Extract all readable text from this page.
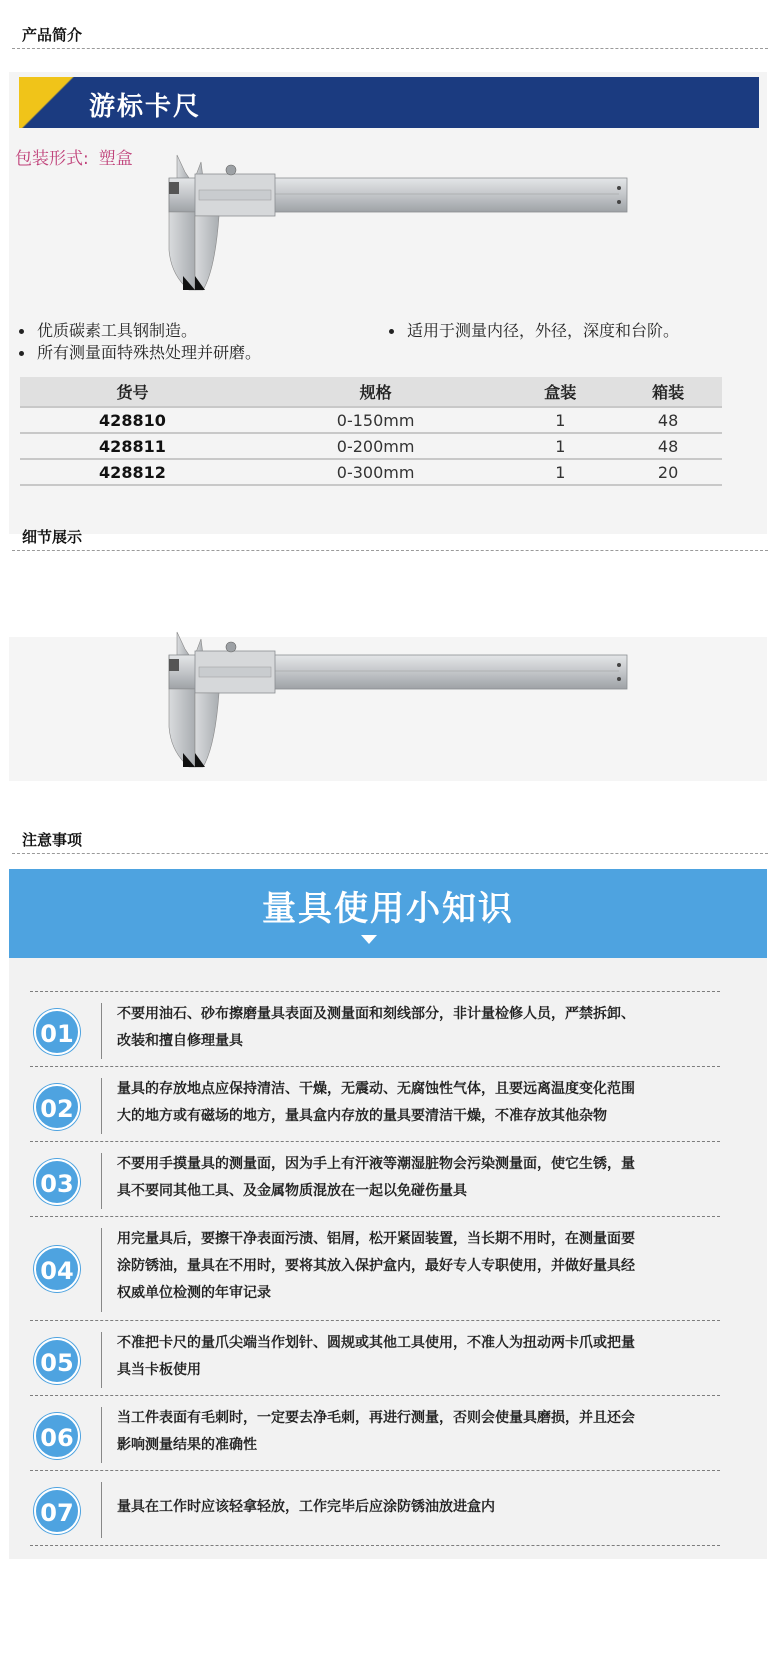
产品简介
游标卡尺
包装形式: 塑盒
优质碳素工具钢制造。
所有测量面特殊热处理并研磨。
适用于测量内径，外径，深度和台阶。
货号	规格	盒装	箱装
428810	0-150mm	1	48
428811	0-200mm	1	48
428812	0-300mm	1	20
细节展示
注意事项
量具使用小知识
01
不要用油石、砂布擦磨量具表面及测量面和刻线部分，非计量检修人员，严禁拆卸、
改装和擅自修理量具
02
量具的存放地点应保持清洁、干燥，无震动、无腐蚀性气体，且要远离温度变化范围
大的地方或有磁场的地方，量具盒内存放的量具要清洁干燥，不准存放其他杂物
03
不要用手摸量具的测量面，因为手上有汗液等潮湿脏物会污染测量面，使它生锈，量
具不要同其他工具、及金属物质混放在一起以免碰伤量具
04
用完量具后，要擦干净表面污渍、铝屑，松开紧固装置，当长期不用时，在测量面要
涂防锈油，量具在不用时，要将其放入保护盒内，最好专人专职使用，并做好量具经
权威单位检测的年审记录
05
不准把卡尺的量爪尖端当作划针、圆规或其他工具使用，不准人为扭动两卡爪或把量
具当卡板使用
06
当工件表面有毛刺时，一定要去净毛刺，再进行测量，否则会使量具磨损，并且还会
影响测量结果的准确性
07	量具在工作时应该轻拿轻放，工作完毕后应涂防锈油放进盒内
